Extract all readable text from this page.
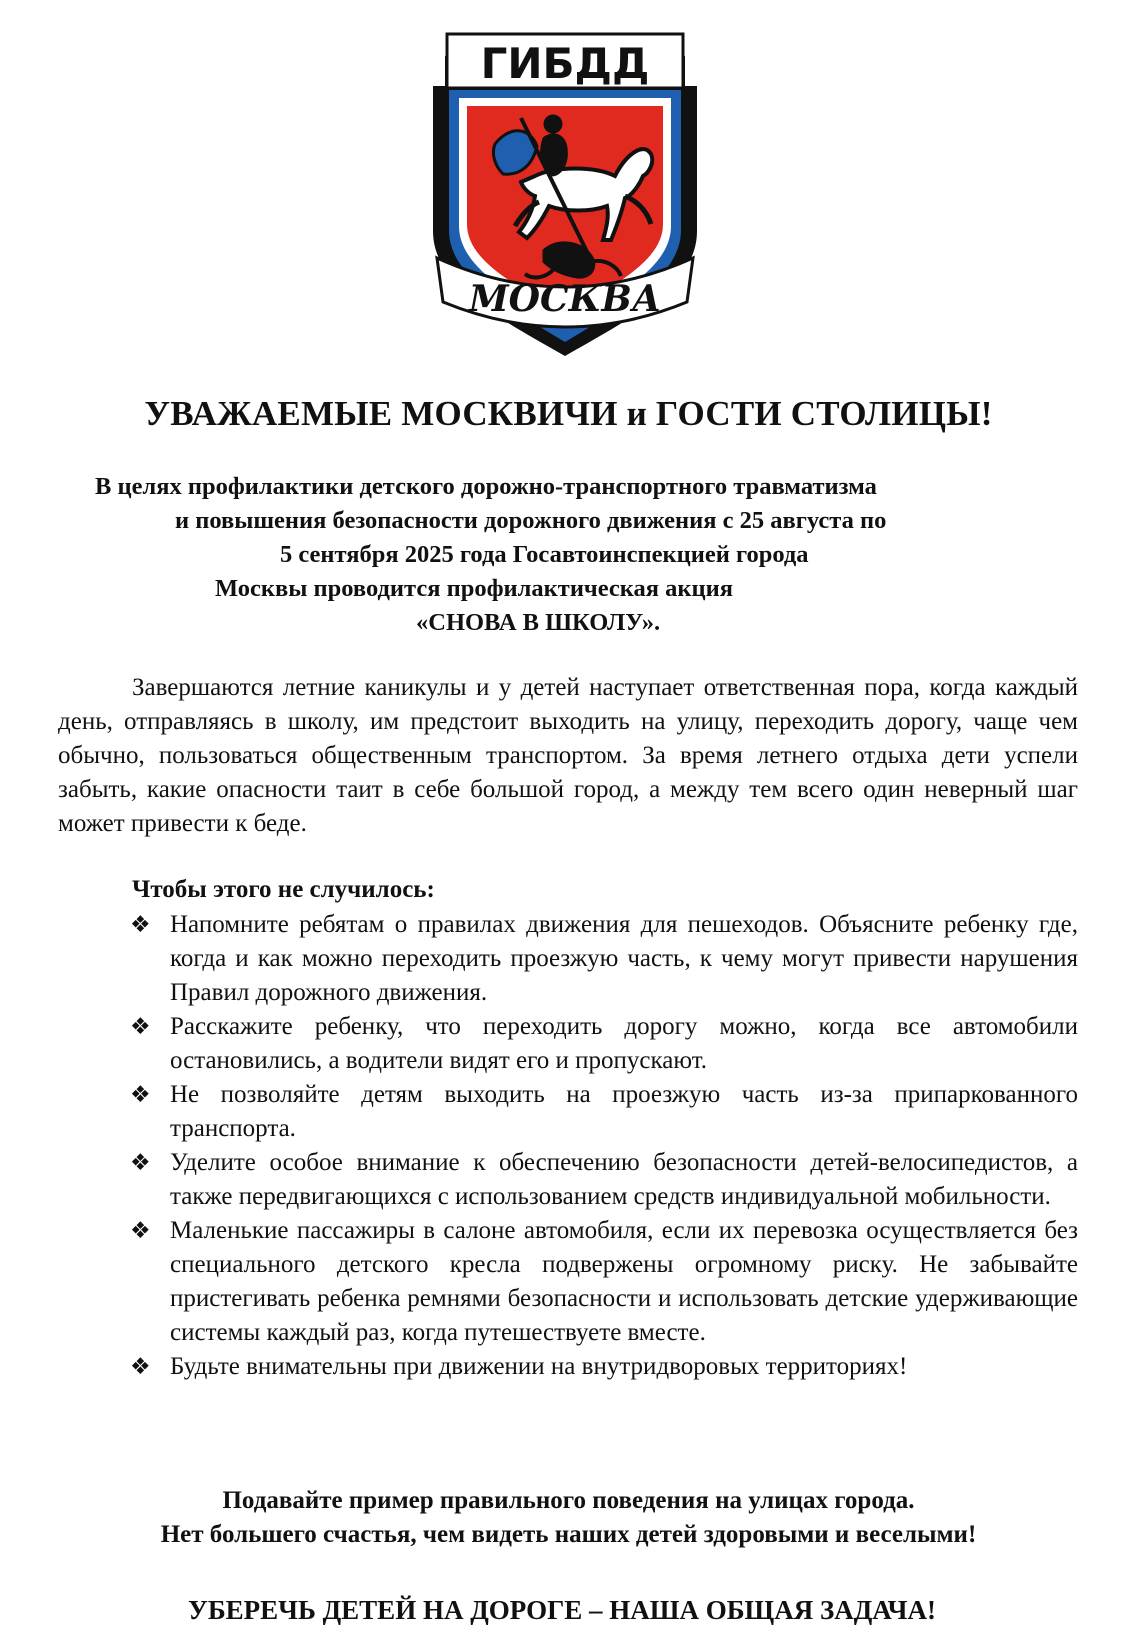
ГИБДД
МОСКВА
УВАЖАЕМЫЕ МОСКВИЧИ и ГОСТИ СТОЛИЦЫ!
В целях профилактики детского дорожно-транспортного травматизма
и повышения безопасности дорожного движения с 25 августа по
5 сентября 2025 года Госавтоинспекцией города
Москвы проводится профилактическая акция
«СНОВА В ШКОЛУ».

Завершаются летние каникулы и у детей наступает ответственная пора, когда каждый день, отправляясь в школу, им предстоит выходить на улицу, переходить дорогу, чаще чем обычно, пользоваться общественным транспортом. За время летнего отдыха дети успели забыть, какие опасности таит в себе большой город, а между тем всего один неверный шаг может привести к беде.

Чтобы этого не случилось:

❖ Напомните ребятам о правилах движения для пешеходов. Объясните ребенку где, когда и как можно переходить проезжую часть, к чему могут привести нарушения Правил дорожного движения.
❖ Расскажите ребенку, что переходить дорогу можно, когда все автомобили остановились, а водители видят его и пропускают.
❖ Не позволяйте детям выходить на проезжую часть из-за припаркованного транспорта.
❖ Уделите особое внимание к обеспечению безопасности детей-велосипедистов, а также передвигающихся с использованием средств индивидуальной мобильности.
❖ Маленькие пассажиры в салоне автомобиля, если их перевозка осуществляется без специального детского кресла подвержены огромному риску. Не забывайте пристегивать ребенка ремнями безопасности и использовать детские удерживающие системы каждый раз, когда путешествуете вместе.
❖ Будьте внимательны при движении на внутридворовых территориях!
Подавайте пример правильного поведения на улицах города.
Нет большего счастья, чем видеть наших детей здоровыми и веселыми!

УБЕРЕЧЬ ДЕТЕЙ НА ДОРОГЕ – НАША ОБЩАЯ ЗАДАЧА!
